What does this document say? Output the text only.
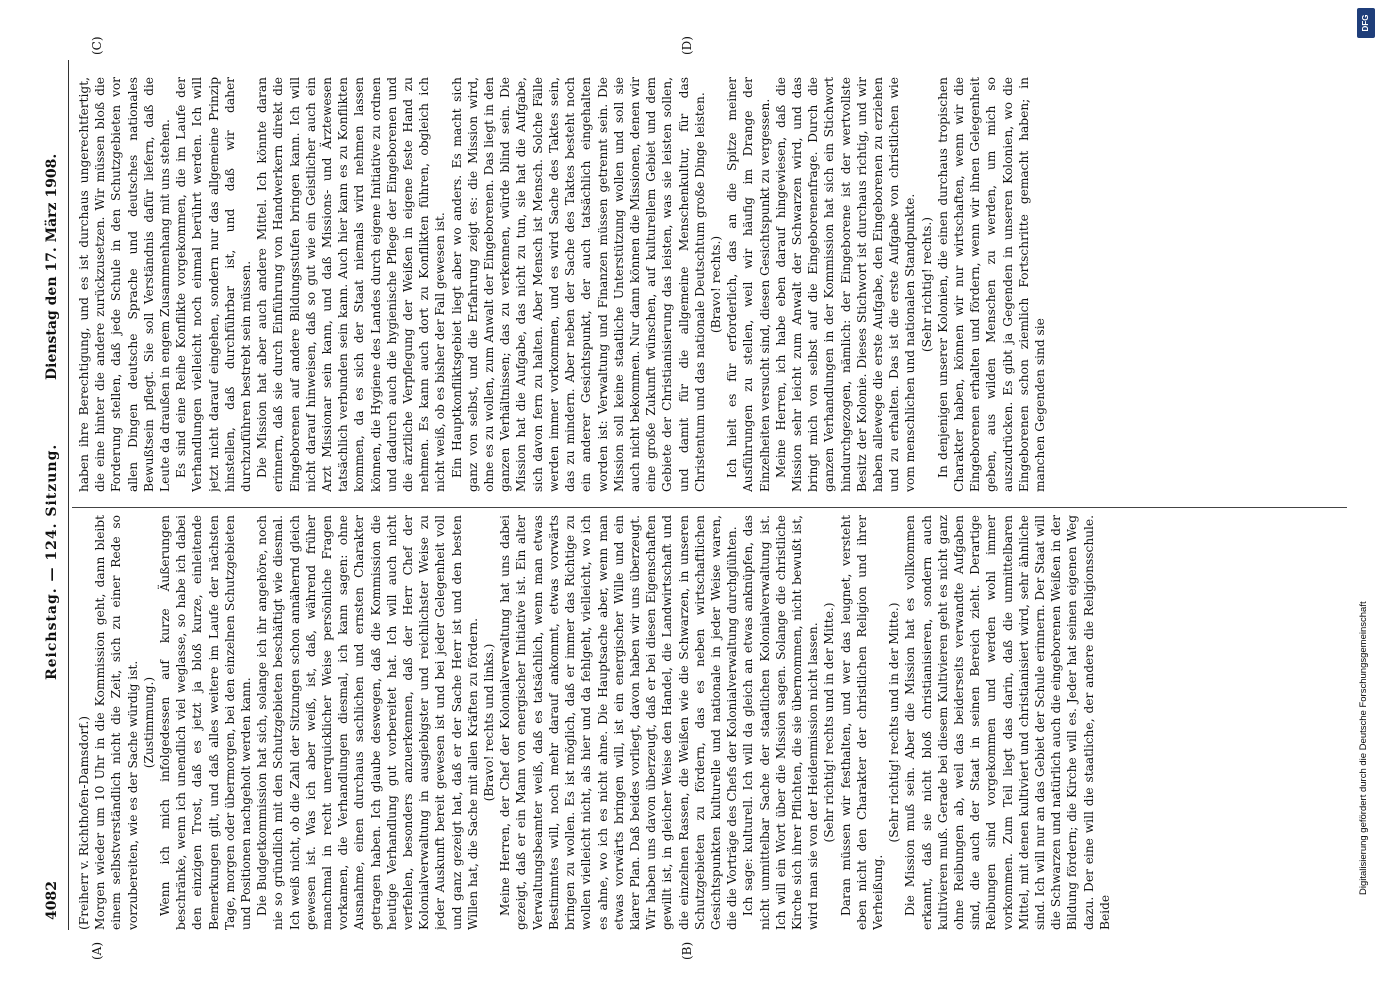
4082
Reichstag. — 124. Sitzung.
Dienstag den 17. März 1908.
(A)	(B)
(C)	(D)

(Freiherr v. Richthofen-Damsdorf.) Morgen wieder um 10 Uhr in die Kommission geht, dann bleibt einem selbstverständlich nicht die Zeit, sich zu einer Rede so vorzubereiten, wie es der Sache würdig ist. (Zustimmung.) Wenn ich mich infolgedessen auf kurze Äußerungen beschränke, wenn ich unendlich viel weglasse, so habe ich dabei den einzigen Trost, daß es jetzt ja bloß kurze, einleitende Bemerkungen gilt, und daß alles weitere im Laufe der nächsten Tage, morgen oder übermorgen, bei den einzelnen Schutzgebieten und Positionen nachgeholt werden kann. Die Budgetkommission hat sich, solange ich ihr angehöre, noch nie so gründlich mit den Schutzgebieten beschäftigt wie diesmal. Ich weiß nicht, ob die Zahl der Sitzungen schon annähernd gleich gewesen ist. Was ich aber weiß, ist, daß, während früher manchmal in recht unerquicklicher Weise persönliche Fragen vorkamen, die Verhandlungen diesmal, ich kann sagen: ohne Ausnahme, einen durchaus sachlichen und ernsten Charakter getragen haben. Ich glaube deswegen, daß die Kommission die heutige Verhandlung gut vorbereitet hat. Ich will auch nicht verfehlen, besonders anzuerkennen, daß der Herr Chef der Kolonialverwaltung in ausgiebigster und reichlichster Weise zu jeder Auskunft bereit gewesen ist und bei jeder Gelegenheit voll und ganz gezeigt hat, daß er der Sache Herr ist und den besten Willen hat, die Sache mit allen Kräften zu fördern. (Bravo! rechts und links.) Meine Herren, der Chef der Kolonialverwaltung hat uns dabei gezeigt, daß er ein Mann von energischer Initiative ist. Ein alter Verwaltungsbeamter weiß, daß es tatsächlich, wenn man etwas Bestimmtes will, noch mehr darauf ankommt, etwas vorwärts bringen zu wollen. Es ist möglich, daß er immer das Richtige zu wollen vielleicht nicht, als hier und da fehlgeht, vielleicht, wo ich es ahne, wo ich es nicht ahne. Die Hauptsache aber, wenn man etwas vorwärts bringen will, ist ein energischer Wille und ein klarer Plan. Daß beides vorliegt, davon haben wir uns überzeugt. Wir haben uns davon überzeugt, daß er bei diesen Eigenschaften gewillt ist, in gleicher Weise den Handel, die Landwirtschaft und die einzelnen Rassen, die Weißen wie die Schwarzen, in unseren Schutzgebieten zu fördern, das es neben wirtschaftlichen Gesichtspunkten kulturelle und nationale in jeder Weise waren, die die Vorträge des Chefs der Kolonialverwaltung durchglühten. Ich sage: kulturell. Ich will da gleich an etwas anknüpfen, das nicht unmittelbar Sache der staatlichen Kolonialverwaltung ist. Ich will ein Wort über die Mission sagen. Solange die christliche Kirche sich ihrer Pflichten, die sie übernommen, nicht bewußt ist, wird man sie von der Heidenmission nicht lassen. (Sehr richtig! rechts und in der Mitte.) Daran müssen wir festhalten, und wer das leugnet, versteht eben nicht den Charakter der christlichen Religion und ihrer Verheißung.

(Sehr richtig! rechts und in der Mitte.) Die Mission muß sein. Aber die Mission hat es vollkommen erkannt, daß sie nicht bloß christianisieren, sondern auch kultivieren muß. Gerade bei diesem Kultivieren geht es nicht ganz ohne Reibungen ab, weil das beiderseits verwandte Aufgaben sind, die auch der Staat in seinen Bereich zieht. Derartige Reibungen sind vorgekommen und werden wohl immer vorkommen. Zum Teil liegt das darin, daß die unmittelbaren Mittel, mit denen kultiviert und christianisiert wird, sehr ähnliche sind. Ich will nur an das Gebiet der Schule erinnern. Der Staat will die Schwarzen und natürlich auch die eingeborenen Weißen in der Bildung fördern; die Kirche will es. Jeder hat seinen eigenen Weg dazu. Der eine will die staatliche, der andere die Religionsschule. Beide

haben ihre Berechtigung, und es ist durchaus ungerechtfertigt, die eine hinter die andere zurückzusetzen. Wir müssen bloß die Forderung stellen, daß jede Schule in den Schutzgebieten vor allen Dingen deutsche Sprache und deutsches nationales Bewußtsein pflegt. Sie soll Verständnis dafür liefern, daß die Leute da draußen in engem Zusammenhang mit uns stehen. Es sind eine Reihe Konflikte vorgekommen, die im Laufe der Verhandlungen vielleicht noch einmal berührt werden. Ich will jetzt nicht darauf eingehen, sondern nur das allgemeine Prinzip hinstellen, daß durchführbar ist, und daß wir daher durchzuführen bestrebt sein müssen. Die Mission hat aber auch andere Mittel. Ich könnte daran erinnern, daß sie durch Einführung von Handwerkern direkt die Eingeborenen auf andere Bildungsstufen bringen kann. Ich will nicht darauf hinweisen, daß so gut wie ein Geistlicher auch ein Arzt Missionar sein kann, und daß Missions- und Ärztewesen tatsächlich verbunden sein kann. Auch hier kann es zu Konflikten kommen, da es sich der Staat niemals wird nehmen lassen können, die Hygiene des Landes durch eigene Initiative zu ordnen und dadurch auch die hygienische Pflege der Eingeborenen und die ärztliche Verpflegung der Weißen in eigene feste Hand zu nehmen. Es kann auch dort zu Konflikten führen, obgleich ich nicht weiß, ob es bisher der Fall gewesen ist. Ein Hauptkonfliktsgebiet liegt aber wo anders. Es macht sich ganz von selbst, und die Erfahrung zeigt es: die Mission wird, ohne es zu wollen, zum Anwalt der Eingeborenen. Das liegt in den ganzen Verhältnissen; das zu verkennen, würde blind sein. Die Mission hat die Aufgabe, das nicht zu tun, sie hat die Aufgabe, sich davon fern zu halten. Aber Mensch ist Mensch. Solche Fälle werden immer vorkommen, und es wird Sache des Taktes sein, das zu mindern. Aber neben der Sache des Taktes besteht noch ein anderer Gesichtspunkt, der auch tatsächlich eingehalten worden ist: Verwaltung und Finanzen müssen getrennt sein. Die Mission soll keine staatliche Unterstützung wollen und soll sie auch nicht bekommen. Nur dann können die Missionen, denen wir eine große Zukunft wünschen, auf kulturellem Gebiet und dem Gebiete der Christianisierung das leisten, was sie leisten sollen, und damit für die allgemeine Menschenkultur, für das Christentum und das nationale Deutschtum große Dinge leisten. (Bravo! rechts.) Ich hielt es für erforderlich, das an die Spitze meiner Ausführungen zu stellen, weil wir häufig im Drange der Einzelheiten versucht sind, diesen Gesichtspunkt zu vergessen. Meine Herren, ich habe eben darauf hingewiesen, daß die Mission sehr leicht zum Anwalt der Schwarzen wird, und das bringt mich von selbst auf die Eingeborenenfrage. Durch die ganzen Verhandlungen in der Kommission hat sich ein Stichwort hindurchgezogen, nämlich: der Eingeborene ist der wertvollste Besitz der Kolonie. Dieses Stichwort ist durchaus richtig, und wir haben allewege die erste Aufgabe, den Eingeborenen zu erziehen und zu erhalten. Das ist die erste Aufgabe von christlichen wie vom menschlichen und nationalen Standpunkte. (Sehr richtig! rechts.) In denjenigen unserer Kolonien, die einen durchaus tropischen Charakter haben, können wir nur wirtschaften, wenn wir die Eingeborenen erhalten und fördern, wenn wir ihnen Gelegenheit geben, aus wilden Menschen zu werden, um mich so auszudrücken. Es gibt ja Gegenden in unseren Kolonien, wo die Eingeborenen schon ziemlich Fortschritte gemacht haben; in manchen Gegenden sind sie

DFG
Digitalisierung gefördert durch die Deutsche Forschungsgemeinschaft
